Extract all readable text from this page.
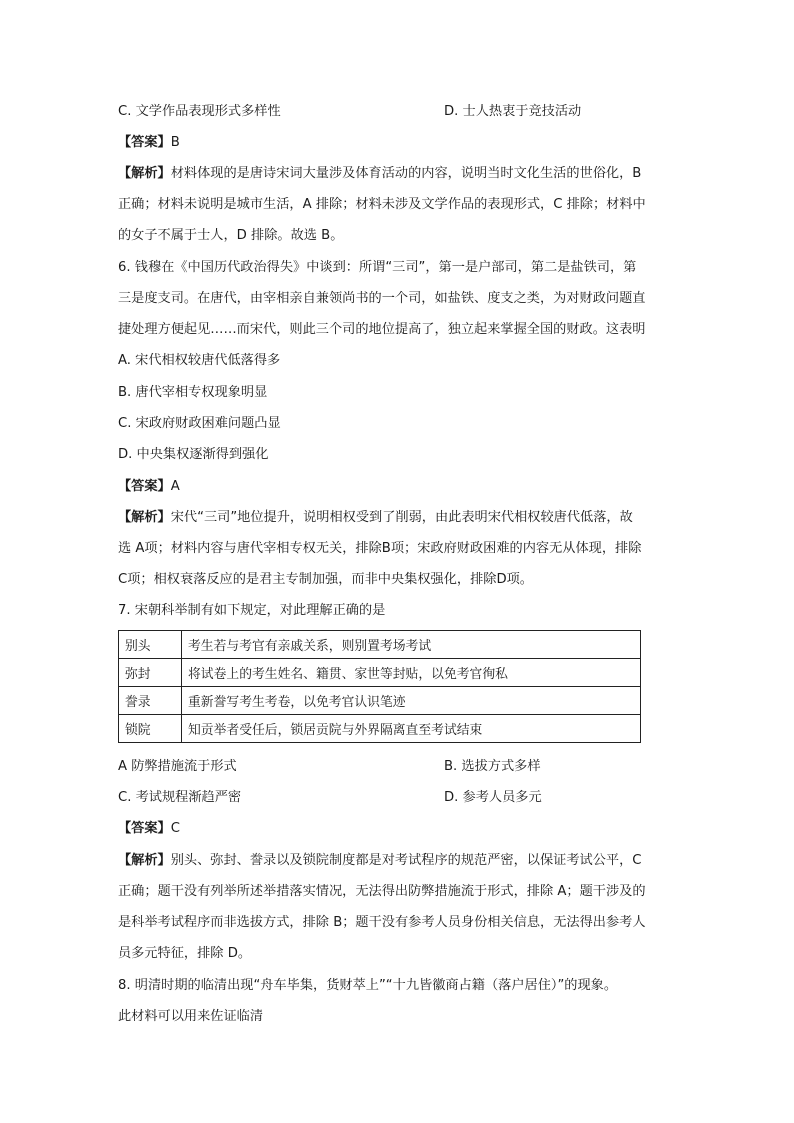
C. 文学作品表现形式多样性	D. 士人热衷于竞技活动
【答案】B
【解析】材料体现的是唐诗宋词大量涉及体育活动的内容，说明当时文化生活的世俗化，B
正确；材料未说明是城市生活，A 排除；材料未涉及文学作品的表现形式，C 排除；材料中
的女子不属于士人，D 排除。故选 B。
6. 钱穆在《中国历代政治得失》中谈到：所谓“三司”，第一是户部司，第二是盐铁司，第
三是度支司。在唐代，由宰相亲自兼领尚书的一个司，如盐铁、度支之类，为对财政问题直
捷处理方便起见……而宋代，则此三个司的地位提高了，独立起来掌握全国的财政。这表明
A. 宋代相权较唐代低落得多
B. 唐代宰相专权现象明显
C. 宋政府财政困难问题凸显
D. 中央集权逐渐得到强化
【答案】A
【解析】宋代“三司”地位提升，说明相权受到了削弱，由此表明宋代相权较唐代低落，故
选 A项；材料内容与唐代宰相专权无关，排除B项；宋政府财政困难的内容无从体现，排除
C项；相权衰落反应的是君主专制加强，而非中央集权强化，排除D项。
7. 宋朝科举制有如下规定，对此理解正确的是
别头	考生若与考官有亲戚关系，则别置考场考试
弥封	将试卷上的考生姓名、籍贯、家世等封贴，以免考官徇私
誊录	重新誊写考生考卷，以免考官认识笔迹
锁院	知贡举者受任后，锁居贡院与外界隔离直至考试结束
A 防弊措施流于形式	B. 选拔方式多样
C. 考试规程渐趋严密	D. 参考人员多元
【答案】C
【解析】别头、弥封、誊录以及锁院制度都是对考试程序的规范严密，以保证考试公平，C
正确；题干没有列举所述举措落实情况，无法得出防弊措施流于形式，排除 A；题干涉及的
是科举考试程序而非选拔方式，排除 B；题干没有参考人员身份相关信息，无法得出参考人
员多元特征，排除 D。
8. 明清时期的临清出现“舟车毕集，货财萃上”“十九皆徽商占籍（落户居住）”的现象。
此材料可以用来佐证临清
